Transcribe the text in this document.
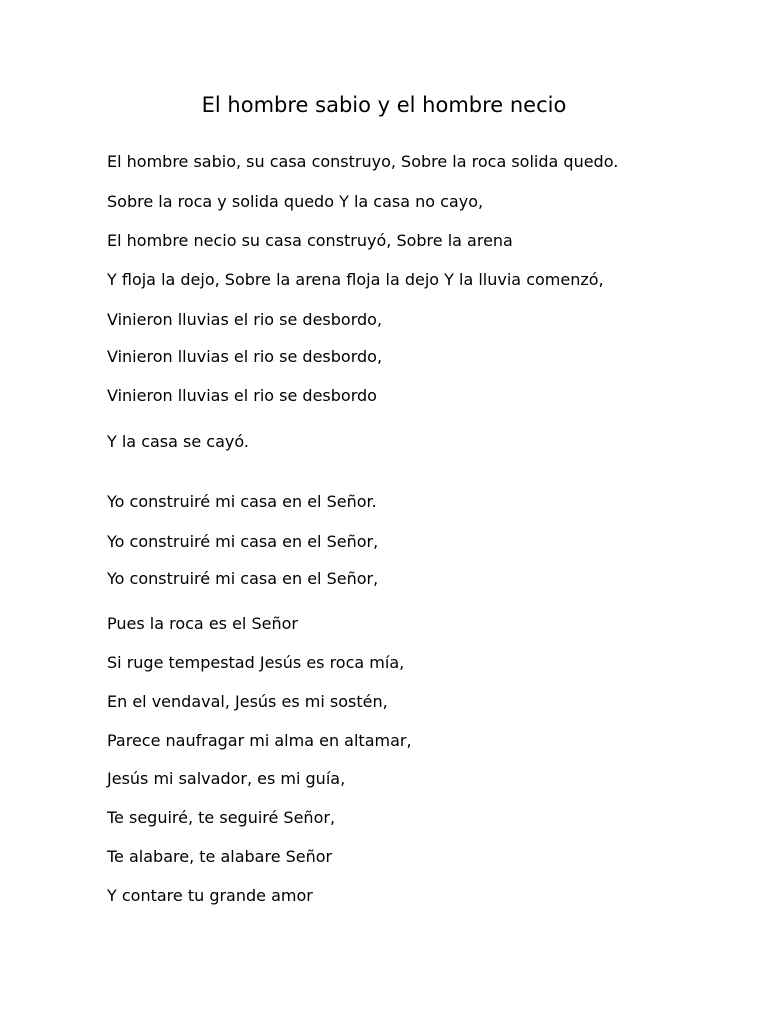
El hombre sabio y el hombre necio
El hombre sabio, su casa construyo, Sobre la roca solida quedo.
Sobre la roca y solida quedo Y la casa no cayo,
El hombre necio su casa construyó, Sobre la arena
Y floja la dejo, Sobre la arena floja la dejo Y la lluvia comenzó,
Vinieron lluvias el rio se desbordo,
Vinieron lluvias el rio se desbordo,
Vinieron lluvias el rio se desbordo
Y la casa se cayó.
Yo construiré mi casa en el Señor.
Yo construiré mi casa en el Señor,
Yo construiré mi casa en el Señor,
Pues la roca es el Señor
Si ruge tempestad Jesús es roca mía,
En el vendaval, Jesús es mi sostén,
Parece naufragar mi alma en altamar,
Jesús mi salvador, es mi guía,
Te seguiré, te seguiré Señor,
Te alabare, te alabare Señor
Y contare tu grande amor
